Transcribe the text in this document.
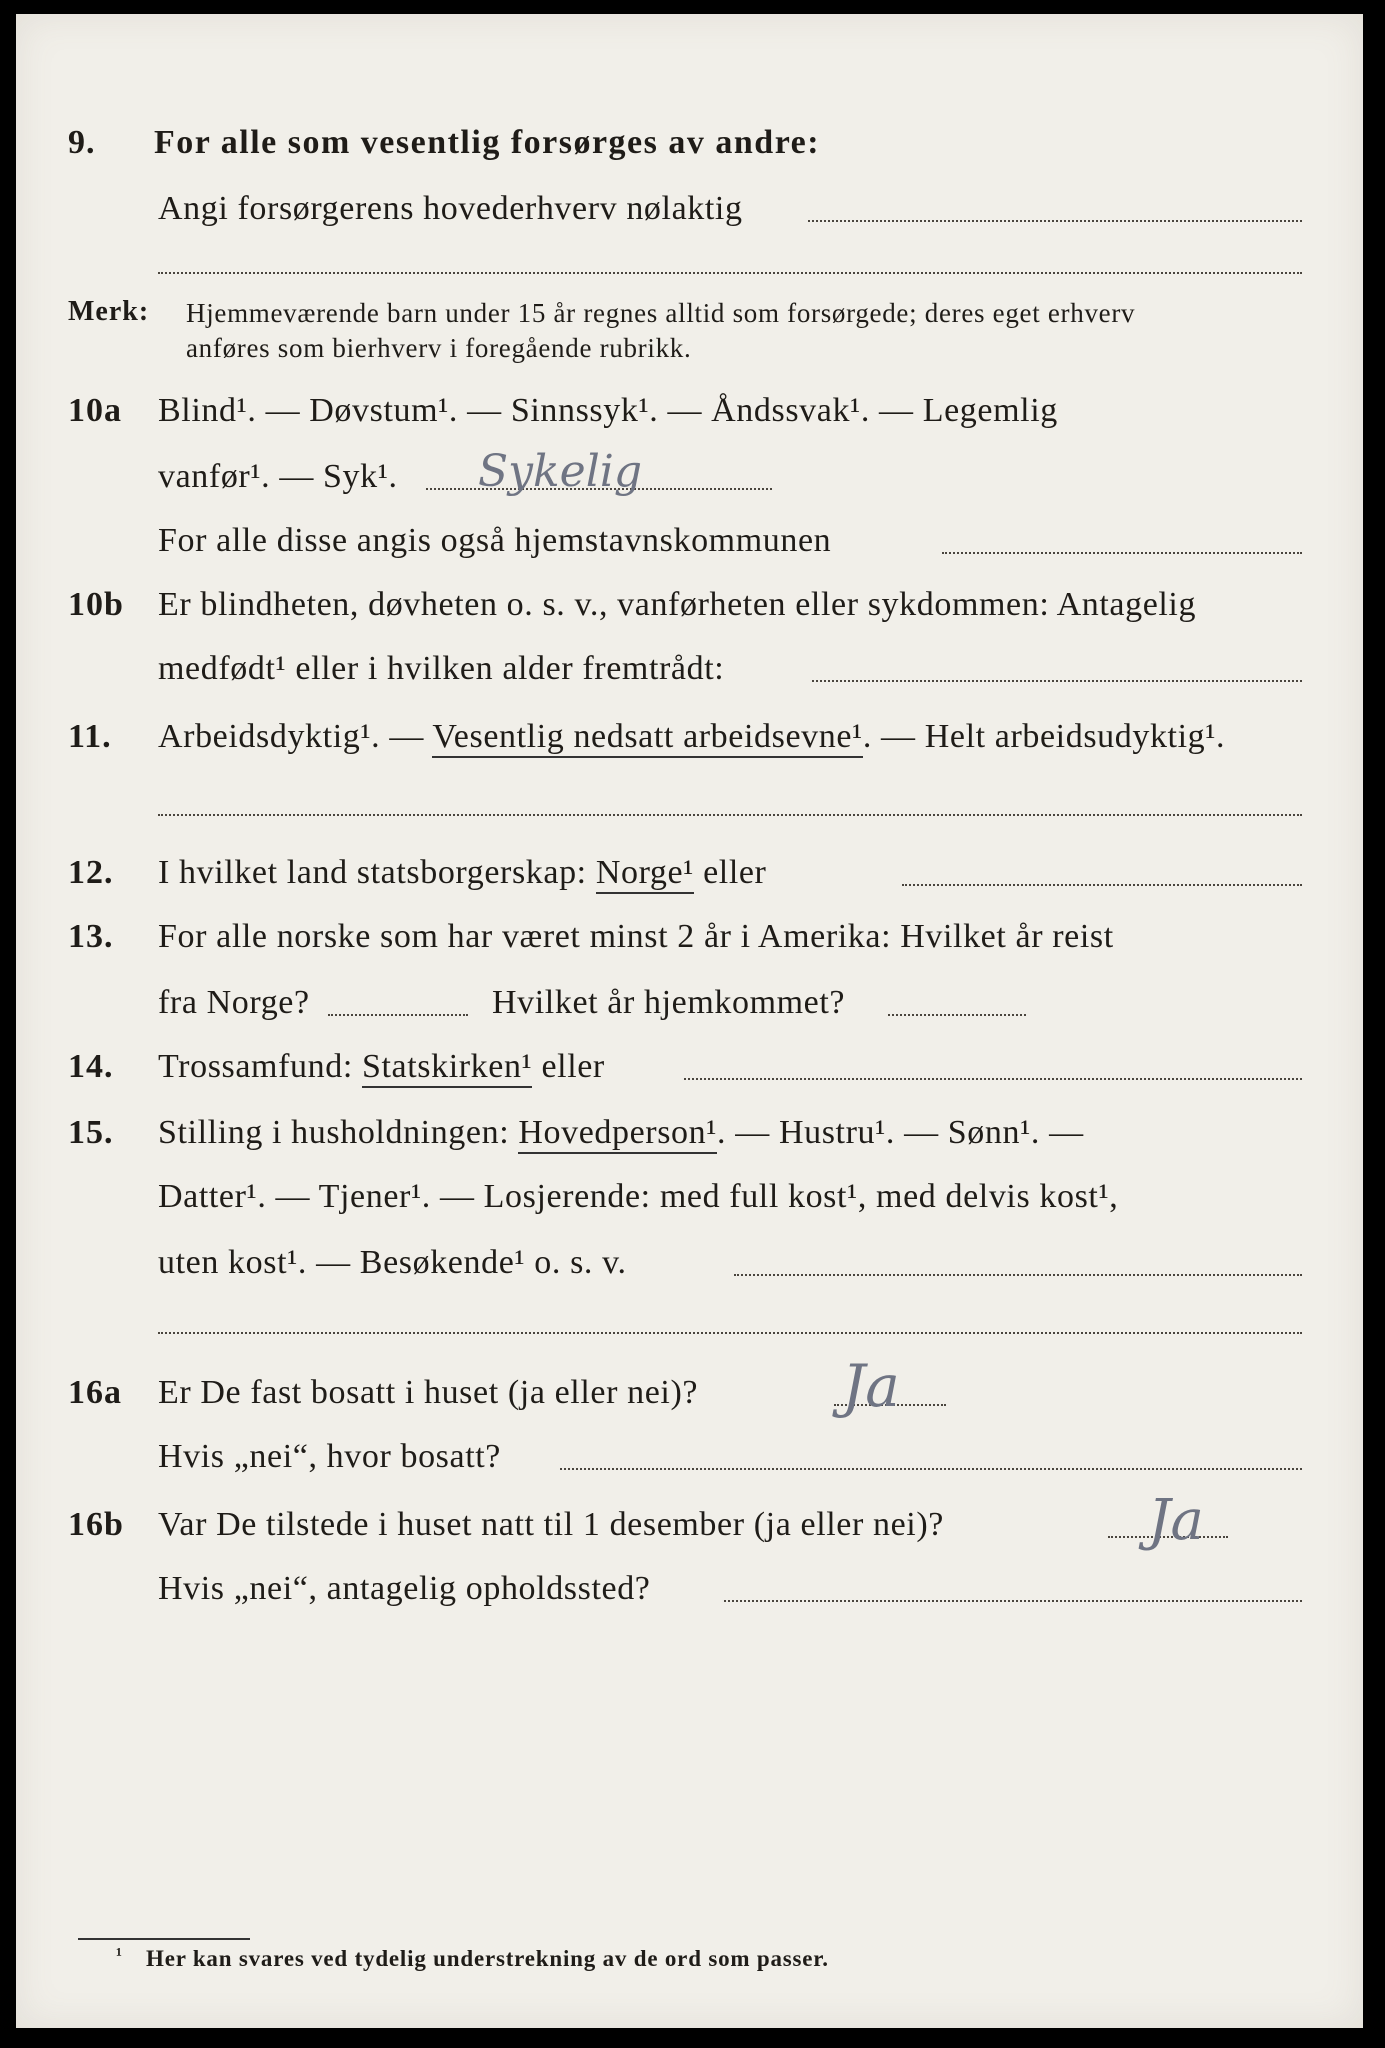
9. For alle som vesentlig forsørges av andre:
Angi forsørgerens hovederhverv nølaktig
Merk: Hjemmeværende barn under 15 år regnes alltid som forsørgede; deres eget erhverv
anføres som bierhverv i foregående rubrikk.
10a Blind¹. — Døvstum¹. — Sinnssyk¹. — Åndssvak¹. — Legemlig
vanfør¹. — Syk¹. Sykelig
For alle disse angis også hjemstavnskommunen
10b Er blindheten, døvheten o. s. v., vanførheten eller sykdommen: Antagelig
medfødt¹ eller i hvilken alder fremtrådt:
11. Arbeidsdyktig¹. — Vesentlig nedsatt arbeidsevne¹. — Helt arbeidsudyktig¹.
12. I hvilket land statsborgerskap: Norge¹ eller
13. For alle norske som har været minst 2 år i Amerika: Hvilket år reist
fra Norge?	Hvilket år hjemkommet?
14. Trossamfund: Statskirken¹ eller
15. Stilling i husholdningen: Hovedperson¹. — Hustru¹. — Sønn¹. —
Datter¹. — Tjener¹. — Losjerende: med full kost¹, med delvis kost¹,
uten kost¹. — Besøkende¹ o. s. v.
16a Er De fast bosatt i huset (ja eller nei)? Ja
Hvis „nei“, hvor bosatt?
16b Var De tilstede i huset natt til 1 desember (ja eller nei)?	Ja
Hvis „nei“, antagelig opholdssted?
¹ Her kan svares ved tydelig understrekning av de ord som passer.
